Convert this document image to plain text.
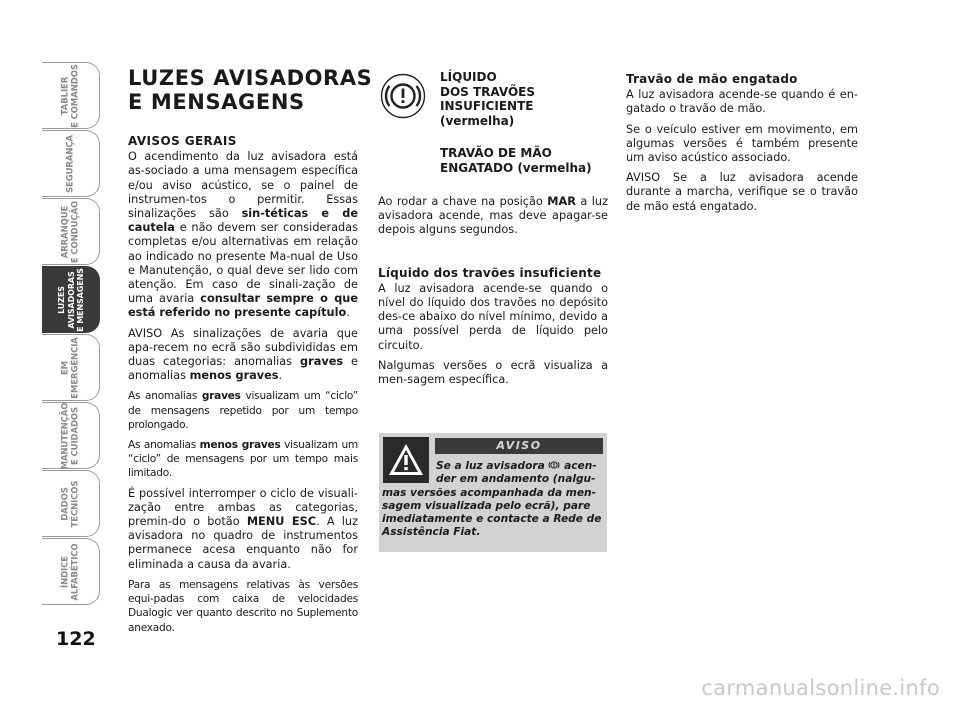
TABLIER
E COMANDOS
SEGURANÇA
ARRANQUE
E CONDUÇÃO
LUZES
AVISADORAS
E MENSAGENS
EM
EMERGÊNCIA
MANUTENÇÃO
E CUIDADOS
DADOS
TÉCNICOS
ÍNDICE
ALFABÉTICO
122
LUZES AVISADORAS
E MENSAGENS
AVISOS GERAIS

O acendimento da luz avisadora está as-sociado a uma mensagem específica e/ou aviso acústico, se o painel de instrumen-tos o permitir. Essas sinalizações são sin-téticas e de cautela e não devem ser consideradas completas e/ou alternativas em relação ao indicado no presente Ma-nual de Uso e Manutenção, o qual deve ser lido com atenção. Em caso de sinali-zação de uma avaria consultar sempre o que está referido no presente capítulo.

AVISO As sinalizações de avaria que apa-recem no ecrã são subdivididas em duas categorias: anomalias graves e anomalias menos graves.

As anomalias graves visualizam um “ciclo” de mensagens repetido por um tempo prolongado.

As anomalias menos graves visualizam um “ciclo” de mensagens por um tempo mais limitado.

É possível interromper o ciclo de visuali-zação entre ambas as categorias, premin-do o botão MENU ESC. A luz avisadora no quadro de instrumentos permanece acesa enquanto não for eliminada a causa da avaria.

Para as mensagens relativas às versões equi-padas com caixa de velocidades Dualogic ver quanto descrito no Suplemento anexado.

LÍQUIDO
DOS TRAVÕES
INSUFICIENTE
(vermelha)
TRAVÃO DE MÃO
ENGATADO (vermelha)

Ao rodar a chave na posição MAR a luz avisadora acende, mas deve apagar-se depois alguns segundos.

Líquido dos travões insuficiente

A luz avisadora acende-se quando o nível do líquido dos travões no depósito des-ce abaixo do nível mínimo, devido a uma possível perda de líquido pelo circuito.

Nalgumas versões o ecrã visualiza a men-sagem específica.

AVISO
Se a luz avisadora  acen-der em andamento (nalgu-
mas versões acompanhada da men-sagem visualizada pelo ecrã), pare imediatamente e contacte a Rede de Assistência Fiat.
Travão de mão engatado

A luz avisadora acende-se quando é en-gatado o travão de mão.

Se o veículo estiver em movimento, em algumas versões é também presente um aviso acústico associado.

AVISO Se a luz avisadora acende durante a marcha, verifique se o travão de mão está engatado.

carmanualsonline.info
